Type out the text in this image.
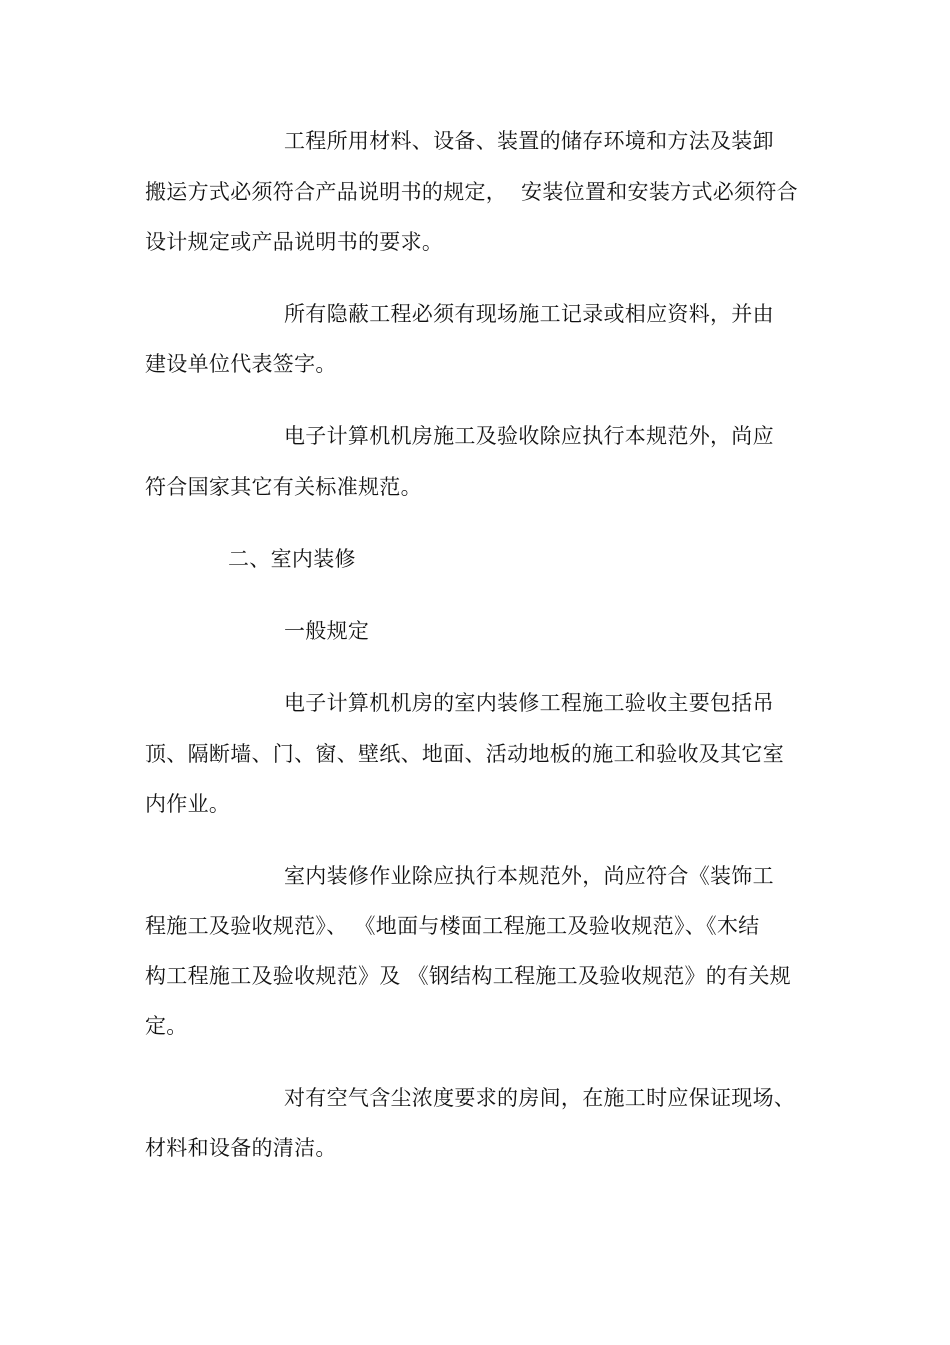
工程所用材料、设备、装置的储存环境和方法及装卸
搬运方式必须符合产品说明书的规定，  安装位置和安装方式必须符合
设计规定或产品说明书的要求。
所有隐蔽工程必须有现场施工记录或相应资料，并由
建设单位代表签字。
电子计算机机房施工及验收除应执行本规范外，尚应
符合国家其它有关标准规范。
二、室内装修
一般规定
电子计算机机房的室内装修工程施工验收主要包括吊
顶、隔断墙、门、窗、壁纸、地面、活动地板的施工和验收及其它室
内作业。
室内装修作业除应执行本规范外，尚应符合《装饰工
程施工及验收规范》、 《地面与楼面工程施工及验收规范》、《木结
构工程施工及验收规范》及 《钢结构工程施工及验收规范》的有关规
定。
对有空气含尘浓度要求的房间，在施工时应保证现场、
材料和设备的清洁。
